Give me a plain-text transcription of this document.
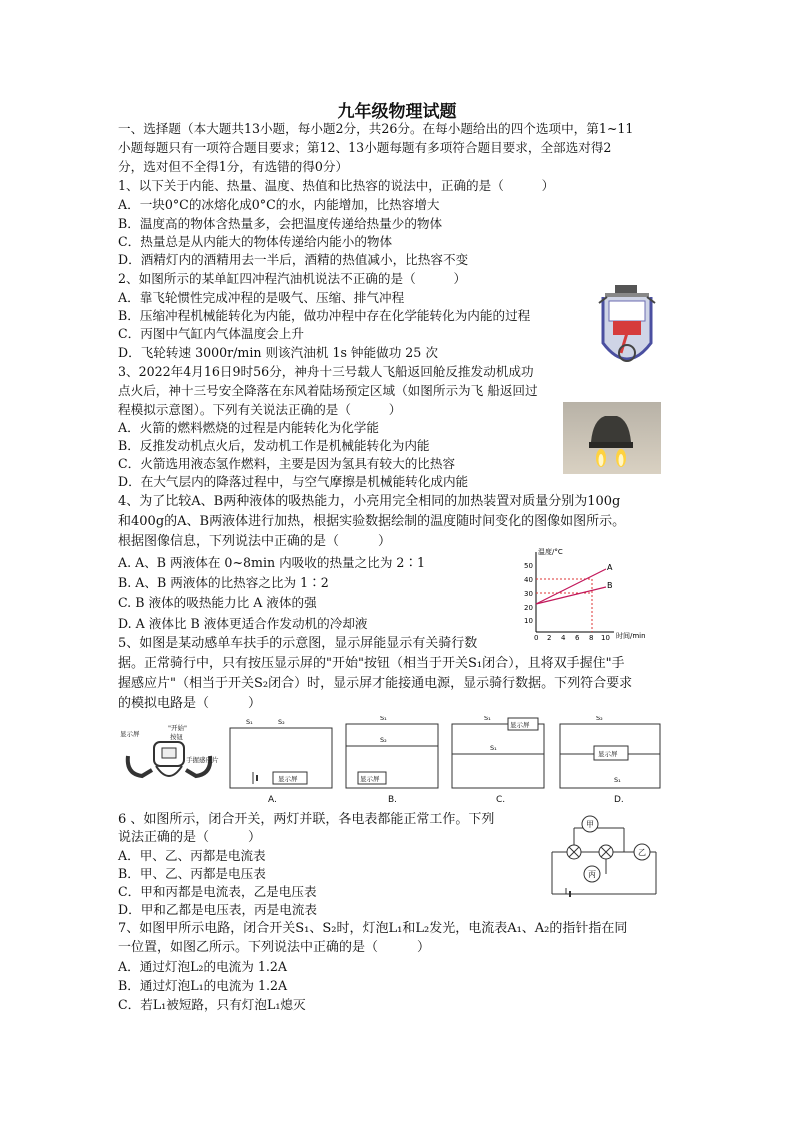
九年级物理试题
一、选择题（本大题共13小题，每小题2分，共26分。在每小题给出的四个选项中，第1~11
小题每题只有一项符合题目要求；第12、13小题每题有多项符合题目要求，全部选对得2
分，选对但不全得1分，有选错的得0分）
1、以下关于内能、热量、温度、热值和比热容的说法中，正确的是（　　　）
A．一块0°C的冰熔化成0°C的水，内能增加，比热容增大
B．温度高的物体含热量多，会把温度传递给热量少的物体
C．热量总是从内能大的物体传递给内能小的物体
D．酒精灯内的酒精用去一半后，酒精的热值减小，比热容不变
2、如图所示的某单缸四冲程汽油机说法不正确的是（　　　）
A．靠飞轮惯性完成冲程的是吸气、压缩、排气冲程
B．压缩冲程机械能转化为内能，做功冲程中存在化学能转化为内能的过程
C．丙图中气缸内气体温度会上升
D．飞轮转速 3000r/min 则该汽油机 1s 钟能做功 25 次
3、2022年4月16日9时56分，神舟十三号载人飞船返回舱反推发动机成功
点火后，神十三号安全降落在东风着陆场预定区域（如图所示为飞 船返回过
程模拟示意图）。下列有关说法正确的是（　　　）
A．火箭的燃料燃烧的过程是内能转化为化学能
B．反推发动机点火后，发动机工作是机械能转化为内能
C．火箭选用液态氢作燃料，主要是因为氢具有较大的比热容
D．在大气层内的降落过程中，与空气摩擦是机械能转化成内能
4、为了比较A、B两种液体的吸热能力，小亮用完全相同的加热装置对质量分别为100g
和400g的A、B两液体进行加热，根据实验数据绘制的温度随时间变化的图像如图所示。
根据图像信息，下列说法中正确的是（　　　）
A. A、B 两液体在 0~8min 内吸收的热量之比为 2∶1
B. A、B 两液体的比热容之比为 1∶2
C. B 液体的吸热能力比 A 液体的强
D. A 液体比 B 液体更适合作发动机的冷却液
温度/°C
时间/min
10
20
30
40
50
0 2 4 6 8 10
A
B
5、如图是某动感单车扶手的示意图，显示屏能显示有关骑行数
据。正常骑行中，只有按压显示屏的"开始"按钮（相当于开关S₁闭合），且将双手握住"手
握感应片"（相当于开关S₂闭合）时，显示屏才能接通电源，显示骑行数据。下列符合要求
的模拟电路是（　　　）
显示屏
"开始"
按钮
手握感应片
显示屏
S₁	S₂
A.
显示屏
S₁
S₂
B.
显示屏
S₁
S₁
C.
显示屏
S₂
S₁
D.
6 、如图所示，闭合开关，两灯并联，各电表都能正常工作。下列
说法正确的是（　　　）
A．甲、乙、丙都是电流表
B．甲、乙、丙都是电压表
C．甲和丙都是电流表，乙是电压表
D．甲和乙都是电压表，丙是电流表
甲
乙
丙
7、如图甲所示电路，闭合开关S₁、S₂时，灯泡L₁和L₂发光，电流表A₁、A₂的指针指在同
一位置，如图乙所示。下列说法中正确的是（　　　）
A．通过灯泡L₂的电流为 1.2A
B．通过灯泡L₁的电流为 1.2A
C．若L₁被短路，只有灯泡L₁熄灭
